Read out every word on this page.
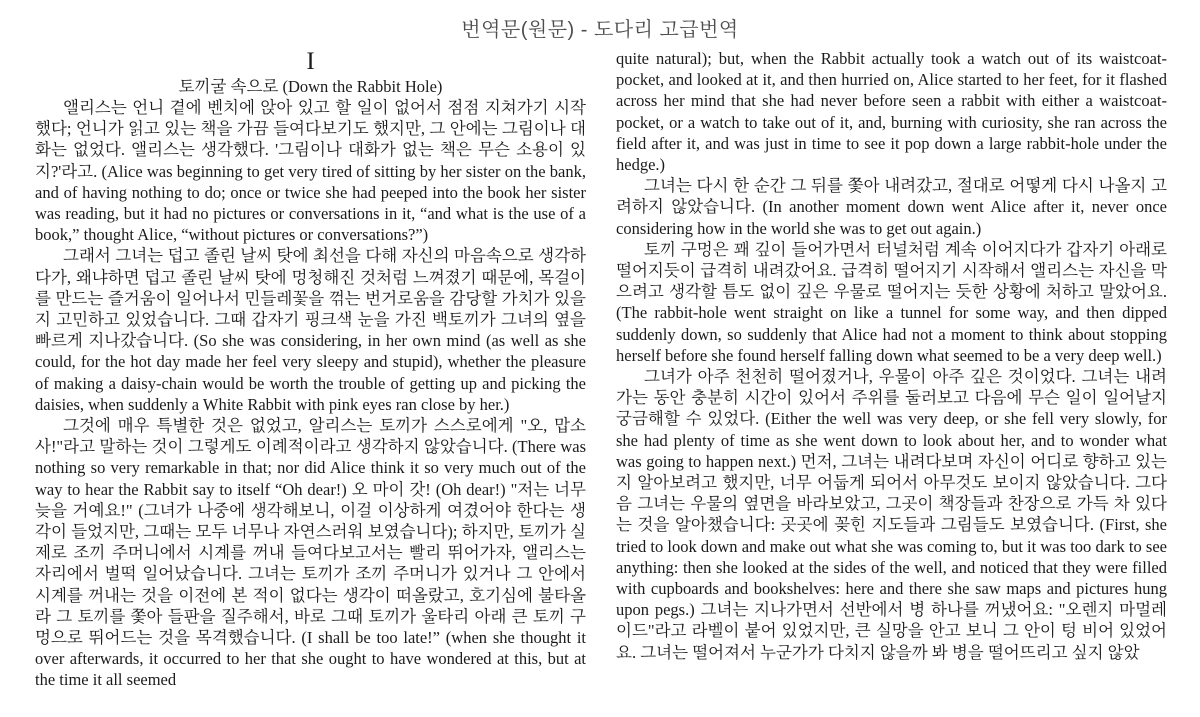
번역문(원문) - 도다리 고급번역
I
토끼굴 속으로 (Down the Rabbit Hole)

앨리스는 언니 곁에 벤치에 앉아 있고 할 일이 없어서 점점 지쳐가기 시작했다; 언니가 읽고 있는 책을 가끔 들여다보기도 했지만, 그 안에는 그림이나 대화는 없었다. 앨리스는 생각했다. '그림이나 대화가 없는 책은 무슨 소용이 있지?'라고. (Alice was beginning to get very tired of sitting by her sister on the bank, and of having nothing to do; once or twice she had peeped into the book her sister was reading, but it had no pictures or conversations in it, “and what is the use of a book,” thought Alice, “without pictures or conversations?”)

그래서 그녀는 덥고 졸린 날씨 탓에 최선을 다해 자신의 마음속으로 생각하다가, 왜냐하면 덥고 졸린 날씨 탓에 멍청해진 것처럼 느껴졌기 때문에, 목걸이를 만드는 즐거움이 일어나서 민들레꽃을 꺾는 번거로움을 감당할 가치가 있을지 고민하고 있었습니다. 그때 갑자기 핑크색 눈을 가진 백토끼가 그녀의 옆을 빠르게 지나갔습니다. (So she was considering, in her own mind (as well as she could, for the hot day made her feel very sleepy and stupid), whether the pleasure of making a daisy-chain would be worth the trouble of getting up and picking the daisies, when suddenly a White Rabbit with pink eyes ran close by her.)

그것에 매우 특별한 것은 없었고, 알리스는 토끼가 스스로에게 "오, 맙소사!"라고 말하는 것이 그렇게도 이례적이라고 생각하지 않았습니다. (There was nothing so very remarkable in that; nor did Alice think it so very much out of the way to hear the Rabbit say to itself “Oh dear!) 오 마이 갓! (Oh dear!) "저는 너무 늦을 거예요!" (그녀가 나중에 생각해보니, 이걸 이상하게 여겼어야 한다는 생각이 들었지만, 그때는 모두 너무나 자연스러워 보였습니다); 하지만, 토끼가 실제로 조끼 주머니에서 시계를 꺼내 들여다보고서는 빨리 뛰어가자, 앨리스는 자리에서 벌떡 일어났습니다. 그녀는 토끼가 조끼 주머니가 있거나 그 안에서 시계를 꺼내는 것을 이전에 본 적이 없다는 생각이 떠올랐고, 호기심에 불타올라 그 토끼를 쫓아 들판을 질주해서, 바로 그때 토끼가 울타리 아래 큰 토끼 구멍으로 뛰어드는 것을 목격했습니다. (I shall be too late!” (when she thought it over afterwards, it occurred to her that she ought to have wondered at this, but at the time it all seemed

quite natural); but, when the Rabbit actually took a watch out of its waistcoat-pocket, and looked at it, and then hurried on, Alice started to her feet, for it flashed across her mind that she had never before seen a rabbit with either a waistcoat-pocket, or a watch to take out of it, and, burning with curiosity, she ran across the field after it, and was just in time to see it pop down a large rabbit-hole under the hedge.)

그녀는 다시 한 순간 그 뒤를 쫓아 내려갔고, 절대로 어떻게 다시 나올지 고려하지 않았습니다. (In another moment down went Alice after it, never once considering how in the world she was to get out again.)

토끼 구멍은 꽤 깊이 들어가면서 터널처럼 계속 이어지다가 갑자기 아래로 떨어지듯이 급격히 내려갔어요. 급격히 떨어지기 시작해서 앨리스는 자신을 막으려고 생각할 틈도 없이 깊은 우물로 떨어지는 듯한 상황에 처하고 말았어요. (The rabbit-hole went straight on like a tunnel for some way, and then dipped suddenly down, so suddenly that Alice had not a moment to think about stopping herself before she found herself falling down what seemed to be a very deep well.)

그녀가 아주 천천히 떨어졌거나, 우물이 아주 깊은 것이었다. 그녀는 내려가는 동안 충분히 시간이 있어서 주위를 둘러보고 다음에 무슨 일이 일어날지 궁금해할 수 있었다. (Either the well was very deep, or she fell very slowly, for she had plenty of time as she went down to look about her, and to wonder what was going to happen next.) 먼저, 그녀는 내려다보며 자신이 어디로 향하고 있는지 알아보려고 했지만, 너무 어둡게 되어서 아무것도 보이지 않았습니다. 그다음 그녀는 우물의 옆면을 바라보았고, 그곳이 책장들과 찬장으로 가득 차 있다는 것을 알아챘습니다: 곳곳에 꽂힌 지도들과 그림들도 보였습니다. (First, she tried to look down and make out what she was coming to, but it was too dark to see anything: then she looked at the sides of the well, and noticed that they were filled with cupboards and bookshelves: here and there she saw maps and pictures hung upon pegs.) 그녀는 지나가면서 선반에서 병 하나를 꺼냈어요: "오렌지 마멀레이드"라고 라벨이 붙어 있었지만, 큰 실망을 안고 보니 그 안이 텅 비어 있었어요. 그녀는 떨어져서 누군가가 다치지 않을까 봐 병을 떨어뜨리고 싶지 않았
